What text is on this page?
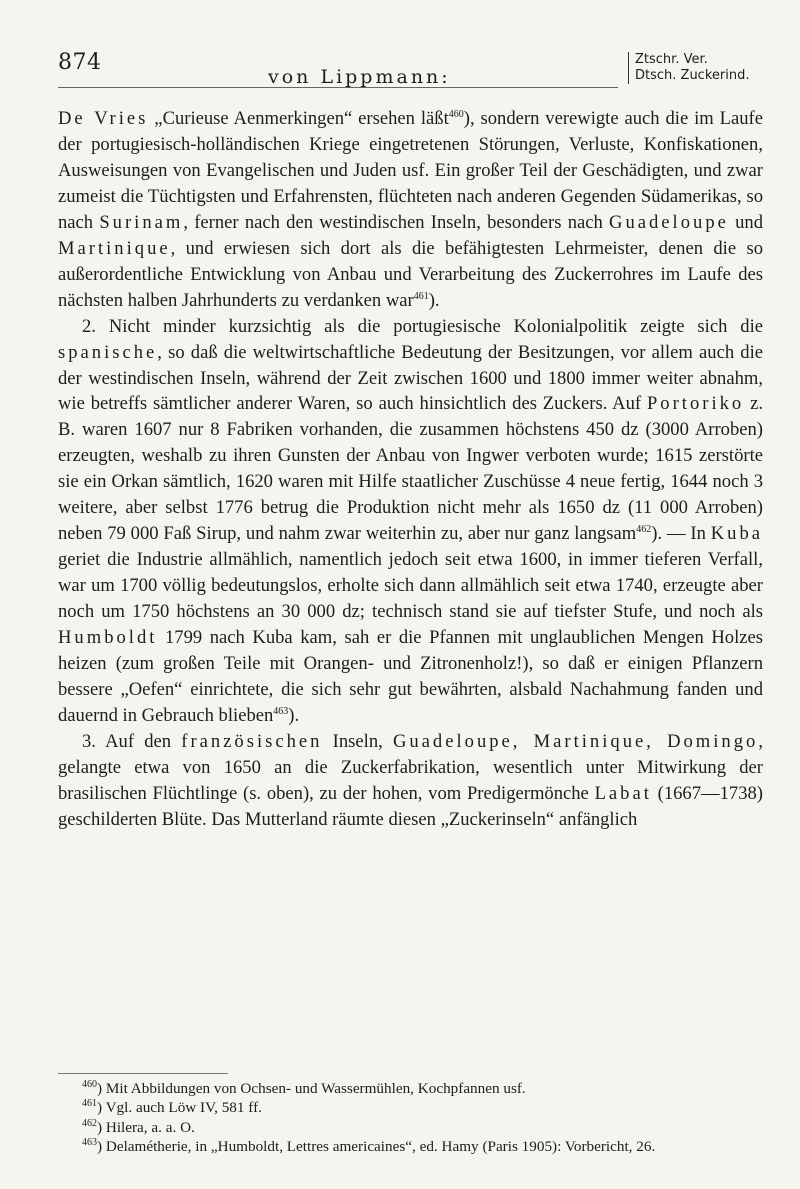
874
von Lippmann:
Ztschr. Ver.
Dtsch. Zuckerind.

De Vries „Curieuse Aenmerkingen“ ersehen läßt$^{460}$), sondern verewigte auch die im Laufe der portugiesisch-holländischen Kriege eingetretenen Störungen, Verluste, Konfiskationen, Ausweisungen von Evangelischen und Juden usf. Ein großer Teil der Geschädigten, und zwar zumeist die Tüchtigsten und Erfahrensten, flüchteten nach anderen Gegenden Südamerikas, so nach Surinam, ferner nach den westindischen Inseln, besonders nach Guadeloupe und Martinique, und erwiesen sich dort als die befähigtesten Lehrmeister, denen die so außerordentliche Entwicklung von Anbau und Verarbeitung des Zuckerrohres im Laufe des nächsten halben Jahrhunderts zu verdanken war$^{461}$).

2. Nicht minder kurzsichtig als die portugiesische Kolonialpolitik zeigte sich die spanische, so daß die weltwirtschaftliche Bedeutung der Besitzungen, vor allem auch die der westindischen Inseln, während der Zeit zwischen 1600 und 1800 immer weiter abnahm, wie betreffs sämtlicher anderer Waren, so auch hinsichtlich des Zuckers. Auf Portoriko z. B. waren 1607 nur 8 Fabriken vorhanden, die zusammen höchstens 450 dz (3000 Arroben) erzeugten, weshalb zu ihren Gunsten der Anbau von Ingwer verboten wurde; 1615 zerstörte sie ein Orkan sämtlich, 1620 waren mit Hilfe staatlicher Zuschüsse 4 neue fertig, 1644 noch 3 weitere, aber selbst 1776 betrug die Produktion nicht mehr als 1650 dz (11 000 Arroben) neben 79 000 Faß Sirup, und nahm zwar weiterhin zu, aber nur ganz langsam$^{462}$). — In Kuba geriet die Industrie allmählich, namentlich jedoch seit etwa 1600, in immer tieferen Verfall, war um 1700 völlig bedeutungslos, erholte sich dann allmählich seit etwa 1740, erzeugte aber noch um 1750 höchstens an 30 000 dz; technisch stand sie auf tiefster Stufe, und noch als Humboldt 1799 nach Kuba kam, sah er die Pfannen mit unglaublichen Mengen Holzes heizen (zum großen Teile mit Orangen- und Zitronenholz!), so daß er einigen Pflanzern bessere „Oefen“ einrichtete, die sich sehr gut bewährten, alsbald Nachahmung fanden und dauernd in Gebrauch blieben$^{463}$).

3. Auf den französischen Inseln, Guadeloupe, Martinique, Domingo, gelangte etwa von 1650 an die Zuckerfabrikation, wesentlich unter Mitwirkung der brasilischen Flüchtlinge (s. oben), zu der hohen, vom Predigermönche Labat (1667—1738) geschilderten Blüte. Das Mutterland räumte diesen „Zuckerinseln“ anfänglich

$^{460}$) Mit Abbildungen von Ochsen- und Wassermühlen, Kochpfannen usf.

$^{461}$) Vgl. auch Löw IV, 581 ff.

$^{462}$) Hilera, a. a. O.

$^{463}$) Delamétherie, in „Humboldt, Lettres americaines“, ed. Hamy (Paris 1905): Vorbericht, 26.
